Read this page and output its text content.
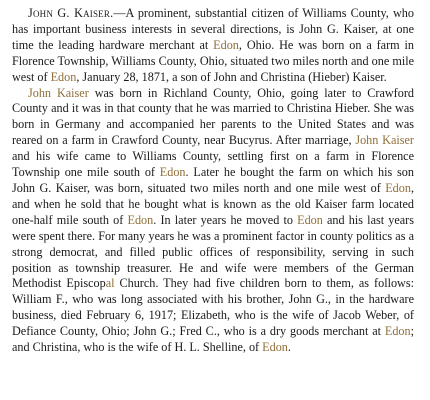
John G. Kaiser.—A prominent, substantial citizen of Williams County, who has important business interests in several directions, is John G. Kaiser, at one time the leading hardware merchant at Edon, Ohio. He was born on a farm in Florence Township, Williams County, Ohio, situated two miles north and one mile west of Edon, January 28, 1871, a son of John and Christina (Hieber) Kaiser.

John Kaiser was born in Richland County, Ohio, going later to Crawford County and it was in that county that he was married to Christina Hieber. She was born in Germany and accompanied her parents to the United States and was reared on a farm in Crawford County, near Bucyrus. After marriage, John Kaiser and his wife came to Williams County, settling first on a farm in Florence Township one mile south of Edon. Later he bought the farm on which his son John G. Kaiser, was born, situated two miles north and one mile west of Edon, and when he sold that he bought what is known as the old Kaiser farm located one-half mile south of Edon. In later years he moved to Edon and his last years were spent there. For many years he was a prominent factor in county politics as a strong democrat, and filled public offices of responsibility, serving in such position as township treasurer. He and wife were members of the German Methodist Episcopal Church. They had five children born to them, as follows: William F., who was long associated with his brother, John G., in the hardware business, died February 6, 1917; Elizabeth, who is the wife of Jacob Weber, of Defiance County, Ohio; John G.; Fred C., who is a dry goods merchant at Edon; and Christina, who is the wife of H. L. Shelline, of Edon.
